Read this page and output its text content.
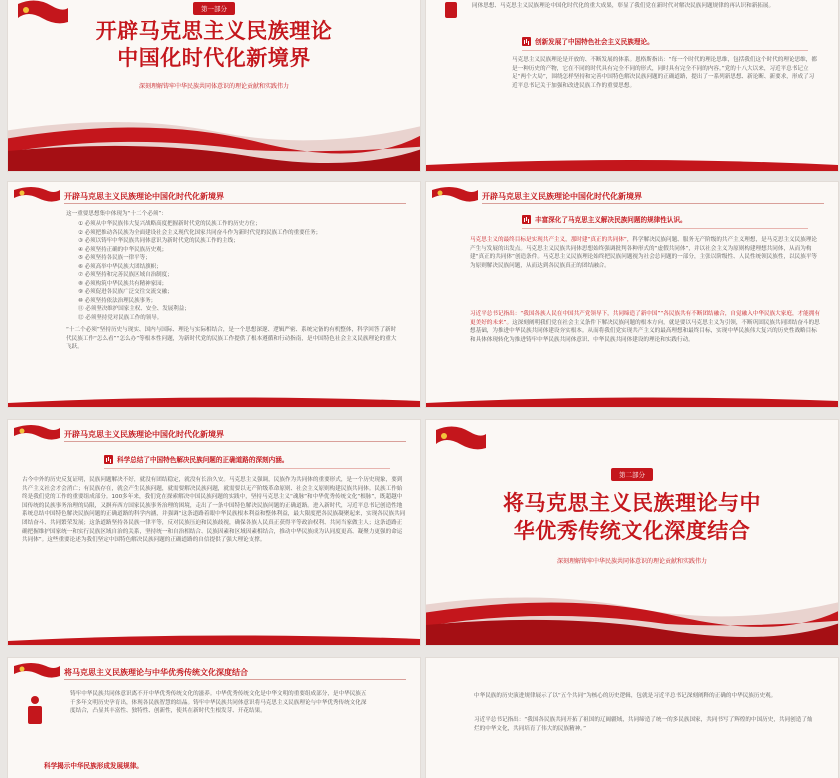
第一部分
开辟马克思主义民族理论
中国化时代化新境界
深刻理解铸牢中华民族共同体意识的理论贡献和实践伟力
同体思想、马克思主义民族理论中国化时代化的重大成果，彰显了我们党在新时代对解决民族问题规律的再认识和新拓展。
创新发展了中国特色社会主义民族理论。
马克思主义民族理论是开放的、不断发展的体系。恩格斯指出：“每一个时代的理论思维，包括我们这个时代的理论思维，都是一种历史的产物，它在不同的时代具有完全不同的形式，同时具有完全不同的内容。”党的十八大以来，习近平总书记立足“两个大局”，围绕怎样坚持和完善中国特色解决民族问题的正确道路，提出了一系列新思想、新论断、新要求，形成了习近平总书记关于加强和改进民族工作的重要思想。
开辟马克思主义民族理论中国化时代化新境界
这一重要思想集中体现为“十二个必须”：
① 必须从中华民族伟大复兴战略高度把握新时代党的民族工作的历史方位；
② 必须把推动各民族为全面建设社会主义现代化国家共同奋斗作为新时代党的民族工作的重要任务；
③ 必须以铸牢中华民族共同体意识为新时代党的民族工作的主线；
④ 必须坚持正确的中华民族历史观；
⑤ 必须坚持各民族一律平等；
⑥ 必须高举中华民族大团结旗帜；
⑦ 必须坚持和完善民族区域自治制度；
⑧ 必须构筑中华民族共有精神家园；
⑨ 必须促进各民族广泛交往交流交融；
⑩ 必须坚持依法治理民族事务；
⑪ 必须坚决维护国家主权、安全、发展利益；
⑫ 必须坚持党对民族工作的领导。
“十二个必须”坚持历史与现实、国内与国际、理论与实际相结合，是一个思想深邃、逻辑严密、系统完备的有机整体，科学回答了新时代民族工作“怎么看”“怎么办”等根本性问题，为新时代党的民族工作提供了根本遵循和行动指南，是中国特色社会主义民族理论的重大飞跃。
开辟马克思主义民族理论中国化时代化新境界
丰富深化了马克思主义解决民族问题的规律性认识。
马克思主义的最终目标是实现共产主义，那时建“真正的共同体”，科学解决民族问题、服务无产阶级的共产主义理想，是马克思主义民族理论产生与发展的出发点。马克思主义民族共同体思想始终强调批判各种形式的“虚假共同体”，并以社会主义为原则构建理想共同体，从而为构建“真正的共同体”创造条件。马克思主义民族理论始终把民族问题视为社会总问题的一部分，主张以阶级性、人民性统领民族性，以民族平等为原则解决民族问题，从而达到各民族真正的团结融合。
习近平总书记指出：“我国各族人民在中国共产党领导下，共同缔造了新中国”“各民族共有不断团结融合，自觉融入中华民族大家庭，才能拥有更美好的未来”。这深刻阐明我们党在社会主义条件下解决民族问题的根本方向，就是要以马克思主义为引领，不断巩固民族共同团结奋斗的思想基础，为推进中华民族共同体建设夯实根本。从而将我们党实现共产主义的最高理想和最终目标，实现中华民族伟大复兴的历史性战略目标和具体体现转化为推进铸牢中华民族共同体意识、中华民族共同体建设的理论和实践行动。
开辟马克思主义民族理论中国化时代化新境界
科学总结了中国特色解决民族问题的正确道路的深刻内涵。
古今中外的历史反复证明，民族问题解决不好，就没有团结稳定，就没有长治久安。马克思主义强调，民族作为共同体的重要形式，是一个历史现象，要到共产主义社会才会消亡；有民族存在，就会产生民族问题，就需要解决民族问题，就需要以无产阶级革命原则、社会主义原则构建民族共同体。民族工作始终是我们党的工作的重要组成部分。100多年来，我们党在探索解决中国民族问题的实践中，坚持马克思主义“魂脉”和中华优秀传统文化“根脉”，既超越中国传统的民族事务治理的局限，又摒弃西方国家民族事务治理的困境，走出了一条中国特色解决民族问题的正确道路。进入新时代，习近平总书记创造性地系统总结中国特色解决民族问题的正确道路的科学内涵，并强调“这条道路着眼中华民族根本利益和整体利益，最大限度把各民族凝聚起来，实现各民族共同团结奋斗、共同繁荣发展；这条道路坚持各民族一律平等，反对民族压迫和民族歧视，确保各族人民真正获得平等政治权利、共同当家做主人；这条道路正确把握维护国家统一和实行民族区域自治的关系，坚持统一和自治相结合、民族因素和区域因素相结合，推动中华民族成为认同度更高、凝聚力更强的命运共同体”。这些重要论述为我们坚定中国特色解决民族问题的正确道路的自信提供了强大理论支撑。
第二部分
将马克思主义民族理论与中
华优秀传统文化深度结合
深刻理解铸牢中华民族共同体意识的理论贡献和实践伟力
将马克思主义民族理论与中华优秀传统文化深度结合
铸牢中华民族共同体意识离不开中华优秀传统文化的滋养。中华优秀传统文化是中华文明的重要组成部分，是中华民族五千多年文明历史孕育出，体现各民族智慧的结晶。铸牢中华民族共同体意识将马克思主义民族理论与中华优秀传统文化深度结合，凸显其丰富性、独特性、创新性，使其在新时代生根发芽、开花结果。
科学揭示中华民族形成发展规律。
中华民族的历史演进规律展示了以“五个共同”为核心的历史逻辑，包就是习近平总书记深刻阐释的正确的中华民族历史观。
习近平总书记指出：“我国各民族共同开拓了祖国的辽阔疆域，共同缔造了统一的多民族国家，共同书写了辉煌的中国历史，共同创造了灿烂的中华文化，共同培育了伟大的民族精神。”
